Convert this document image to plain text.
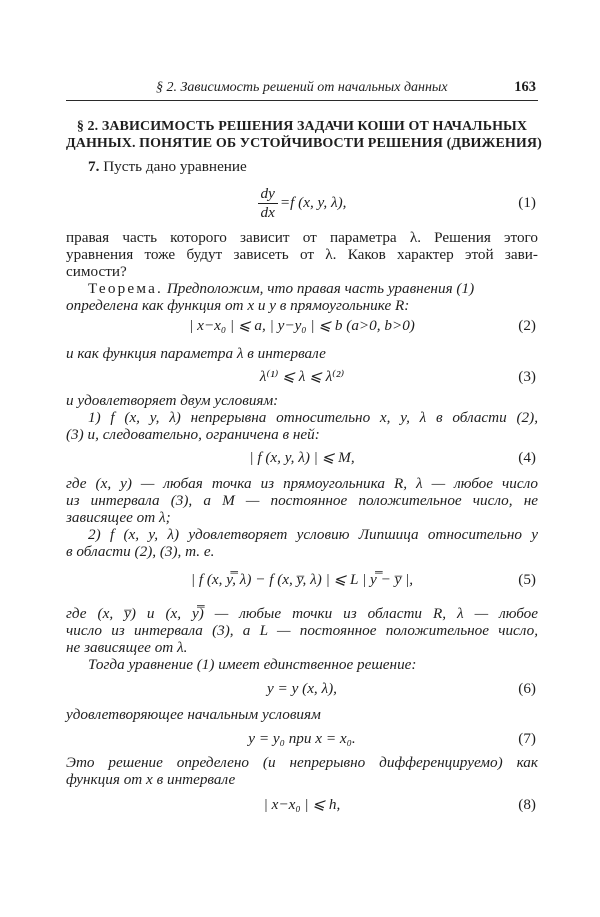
§ 2. Зависимость решений от начальных данных	163
§ 2. ЗАВИСИМОСТЬ РЕШЕНИЯ ЗАДАЧИ КОШИ ОТ НАЧАЛЬНЫХ
ДАННЫХ. ПОНЯТИЕ ОБ УСТОЙЧИВОСТИ РЕШЕНИЯ (ДВИЖЕНИЯ)
7. Пусть дано уравнение
$\frac{dy}{dx} =f$ (x, y, λ),	(1)
правая часть которого зависит от параметра λ. Решения этого
уравнения тоже будут зависеть от λ. Каков характер этой зави-
симости?
Теорема. Предположим, что правая часть уравнения (1)
определена как функция от x и y в прямоугольнике R:
| x−x₀ | ⩽ a, | y−y₀ | ⩽ b (a>0, b>0)	(2)
и как функция параметра λ в интервале
λ⁽¹⁾ ⩽ λ ⩽ λ⁽²⁾	(3)
и удовлетворяет двум условиям:
1) f (x, y, λ) непрерывна относительно x, y, λ в области (2),
(3) и, следовательно, ограничена в ней:
| f (x, y, λ) | ⩽ M,	(4)
где (x, y) — любая точка из прямоугольника R, λ — любое число
из интервала (3), а M — постоянное положительное число, не
зависящее от λ;
2) f (x, y, λ) удовлетворяет условию Липшица относительно y
в области (2), (3), т. е.
| f (x, y̿, λ) − f (x, y̅, λ) | ⩽ L | y̿ − y̅ |,	(5)
где (x, y̅) и (x, y̿) — любые точки из области R, λ — любое
число из интервала (3), а L — постоянное положительное число,
не зависящее от λ.
Тогда уравнение (1) имеет единственное решение:
y = y (x, λ),	(6)
удовлетворяющее начальным условиям
y = y₀ при x = x₀.	(7)
Это решение определено (и непрерывно дифференцируемо) как
функция от x в интервале
| x−x₀ | ⩽ h,	(8)
